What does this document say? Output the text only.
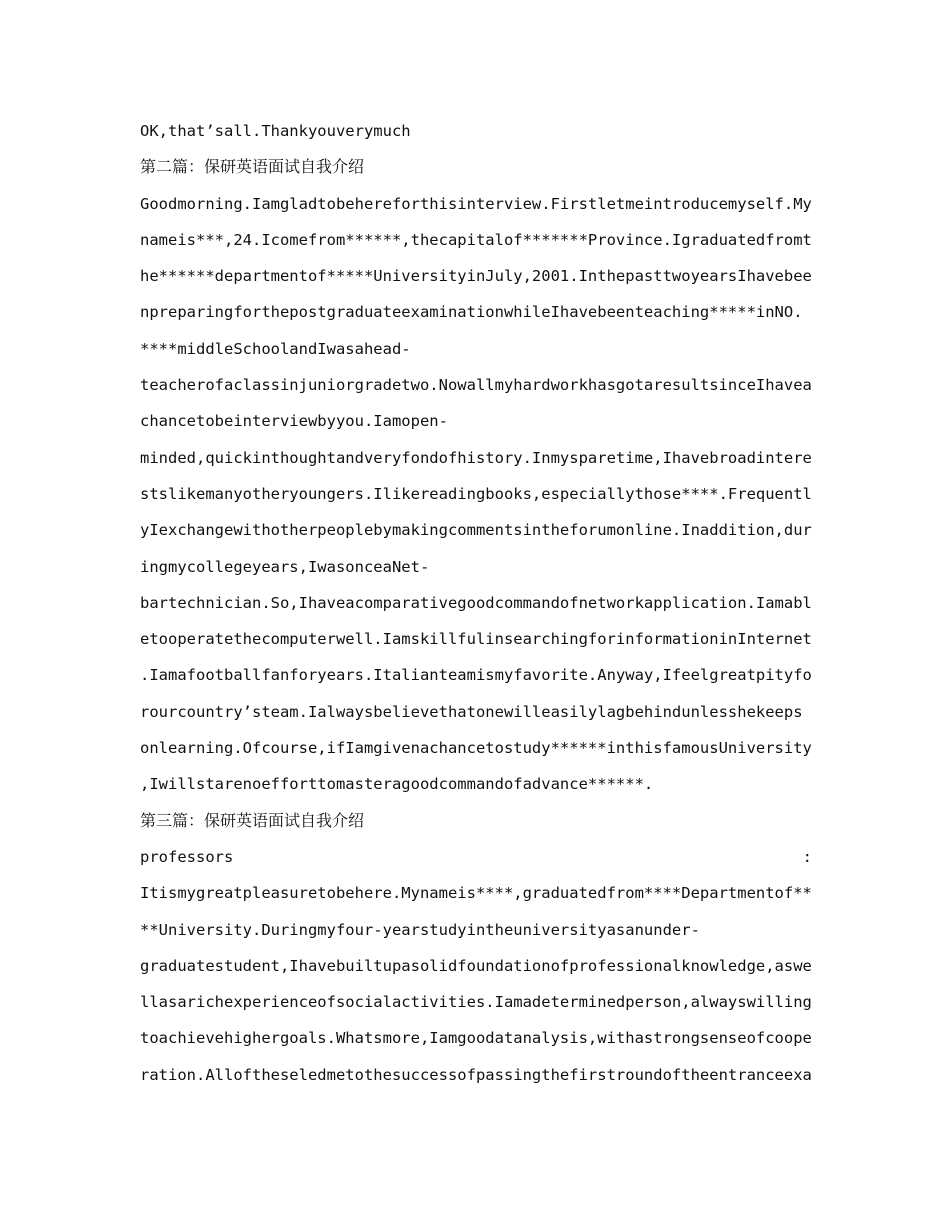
OK,that’sall.Thankyouverymuch
第二篇：保研英语面试自我介绍
Goodmorning.Iamgladtobehereforthisinterview.Firstletmeintroducemyself.My
nameis***,24.Icomefrom******,thecapitalof*******Province.Igraduatedfromt
he******departmentof*****UniversityinJuly,2001.InthepasttwoyearsIhavebee
npreparingforthepostgraduateexaminationwhileIhavebeenteaching*****inNO.
****middleSchoolandIwasahead-
teacherofaclassinjuniorgradetwo.NowallmyhardworkhasgotaresultsinceIhavea
chancetobeinterviewbyyou.Iamopen-
minded,quickinthoughtandveryfondofhistory.Inmysparetime,Ihavebroadintere
stslikemanyotheryoungers.Ilikereadingbooks,especiallythose****.Frequentl
yIexchangewithotherpeoplebymakingcommentsintheforumonline.Inaddition,dur
ingmycollegeyears,IwasonceaNet-
bartechnician.So,Ihaveacomparativegoodcommandofnetworkapplication.Iamabl
etooperatethecomputerwell.IamskillfulinsearchingforinformationinInternet
.Iamafootballfanforyears.Italianteamismyfavorite.Anyway,Ifeelgreatpityfo
rourcountry’steam.Ialwaysbelievethatonewilleasilylagbehindunlesshekeeps
onlearning.Ofcourse,ifIamgivenachancetostudy******inthisfamousUniversity
,Iwillstarenoefforttomasteragoodcommandofadvance******.
第三篇：保研英语面试自我介绍
professors	:
Itismygreatpleasuretobehere.Mynameis****,graduatedfrom****Departmentof**
**University.Duringmyfour-yearstudyintheuniversityasanunder-
graduatestudent,Ihavebuiltupasolidfoundationofprofessionalknowledge,aswe
llasarichexperienceofsocialactivities.Iamadeterminedperson,alwayswilling
toachievehighergoals.Whatsmore,Iamgoodatanalysis,withastrongsenseofcoope
ration.Alloftheseledmetothesuccessofpassingthefirstroundoftheentranceexa
